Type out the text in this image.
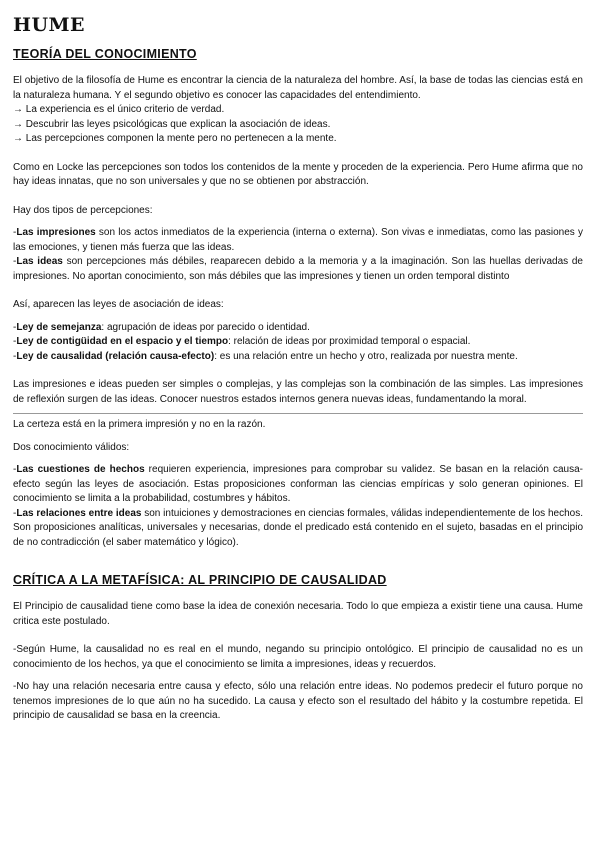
HUME
TEORÍA DEL CONOCIMIENTO

El objetivo de la filosofía de Hume es encontrar la ciencia de la naturaleza del hombre. Así, la base de todas las ciencias está en la naturaleza humana. Y el segundo objetivo es conocer las capacidades del entendimiento.

→ La experiencia es el único criterio de verdad.

→ Descubrir las leyes psicológicas que explican la asociación de ideas.

→ Las percepciones componen la mente pero no pertenecen a la mente.

Como en Locke las percepciones son todos los contenidos de la mente y proceden de la experiencia. Pero Hume afirma que no hay ideas innatas, que no son universales y que no se obtienen por abstracción.

Hay dos tipos de percepciones:

-Las impresiones son los actos inmediatos de la experiencia (interna o externa). Son vivas e inmediatas, como las pasiones y las emociones, y tienen más fuerza que las ideas.

-Las ideas son percepciones más débiles, reaparecen debido a la memoria y a la imaginación. Son las huellas derivadas de impresiones. No aportan conocimiento, son más débiles que las impresiones y tienen un orden temporal distinto

Así, aparecen las leyes de asociación de ideas:

-Ley de semejanza: agrupación de ideas por parecido o identidad.

-Ley de contigüidad en el espacio y el tiempo: relación de ideas por proximidad temporal o espacial.

-Ley de causalidad (relación causa-efecto): es una relación entre un hecho y otro, realizada por nuestra mente.

Las impresiones e ideas pueden ser simples o complejas, y las complejas son la combinación de las simples. Las impresiones de reflexión surgen de las ideas. Conocer nuestros estados internos genera nuevas ideas, fundamentando la moral.

La certeza está en la primera impresión y no en la razón.

Dos conocimiento válidos:

-Las cuestiones de hechos requieren experiencia, impresiones para comprobar su validez. Se basan en la relación causa-efecto según las leyes de asociación. Estas proposiciones conforman las ciencias empíricas y solo generan opiniones. El conocimiento se limita a la probabilidad, costumbres y hábitos.

-Las relaciones entre ideas son intuiciones y demostraciones en ciencias formales, válidas independientemente de los hechos. Son proposiciones analíticas, universales y necesarias, donde el predicado está contenido en el sujeto, basadas en el principio de no contradicción (el saber matemático y lógico).

CRÍTICA A LA METAFÍSICA: AL PRINCIPIO DE CAUSALIDAD

El Principio de causalidad tiene como base la idea de conexión necesaria. Todo lo que empieza a existir tiene una causa. Hume critica este postulado.

-Según Hume, la causalidad no es real en el mundo, negando su principio ontológico. El principio de causalidad no es un conocimiento de los hechos, ya que el conocimiento se limita a impresiones, ideas y recuerdos.

-No hay una relación necesaria entre causa y efecto, sólo una relación entre ideas. No podemos predecir el futuro porque no tenemos impresiones de lo que aún no ha sucedido. La causa y efecto son el resultado del hábito y la costumbre repetida. El principio de causalidad se basa en la creencia.
